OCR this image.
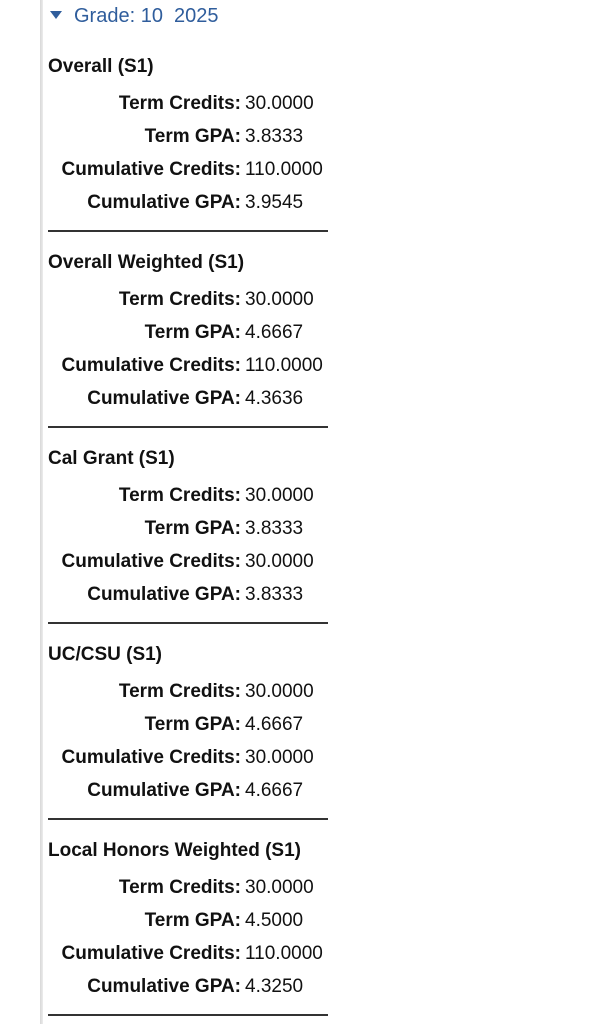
Grade: 10  2025
Overall (S1)
Term Credits: 30.0000
Term GPA: 3.8333
Cumulative Credits: 110.0000
Cumulative GPA: 3.9545
Overall Weighted (S1)
Term Credits: 30.0000
Term GPA: 4.6667
Cumulative Credits: 110.0000
Cumulative GPA: 4.3636
Cal Grant (S1)
Term Credits: 30.0000
Term GPA: 3.8333
Cumulative Credits: 30.0000
Cumulative GPA: 3.8333
UC/CSU (S1)
Term Credits: 30.0000
Term GPA: 4.6667
Cumulative Credits: 30.0000
Cumulative GPA: 4.6667
Local Honors Weighted (S1)
Term Credits: 30.0000
Term GPA: 4.5000
Cumulative Credits: 110.0000
Cumulative GPA: 4.3250
